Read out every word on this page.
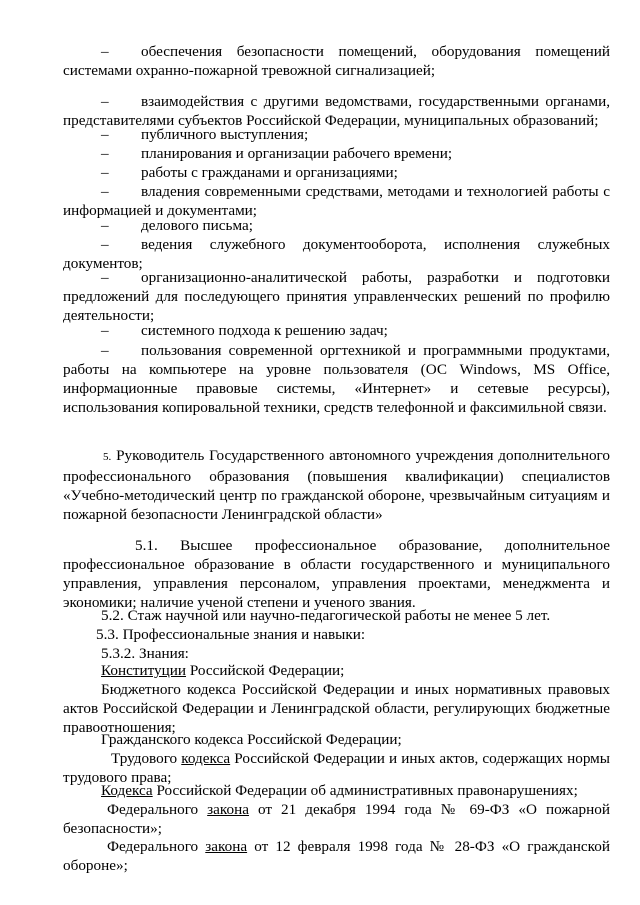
– обеспечения безопасности помещений, оборудования помещений системами охранно-пожарной тревожной сигнализацией;
– взаимодействия с другими ведомствами, государственными органами, представителями субъектов Российской Федерации, муниципальных образований;
– публичного выступления;
– планирования и организации рабочего времени;
– работы с гражданами и организациями;
– владения современными средствами, методами и технологией работы с информацией и документами;
– делового письма;
– ведения служебного документооборота, исполнения служебных документов;
– организационно-аналитической работы, разработки и подготовки предложений для последующего принятия управленческих решений по профилю деятельности;
– системного подхода к решению задач;
– пользования современной оргтехникой и программными продуктами, работы на компьютере на уровне пользователя (ОС Windows, MS Office, информационные правовые системы, «Интернет» и сетевые ресурсы), использования копировальной техники, средств телефонной и факсимильной связи.
5. Руководитель Государственного автономного учреждения дополнительного профессионального образования (повышения квалификации) специалистов «Учебно-методический центр по гражданской обороне, чрезвычайным ситуациям и пожарной безопасности Ленинградской области»
5.1. Высшее профессиональное образование, дополнительное профессиональное образование в области государственного и муниципального управления, управления персоналом, управления проектами, менеджмента и экономики; наличие ученой степени и ученого звания.
5.2. Стаж научной или научно-педагогической работы не менее 5 лет.
5.3. Профессиональные знания и навыки:
5.3.2. Знания:
Конституции Российской Федерации;
Бюджетного кодекса Российской Федерации и иных нормативных правовых актов Российской Федерации и Ленинградской области, регулирующих бюджетные правоотношения;
Гражданского кодекса Российской Федерации;
Трудового кодекса Российской Федерации и иных актов, содержащих нормы трудового права;
Кодекса Российской Федерации об административных правонарушениях;
Федерального закона от 21 декабря 1994 года № 69-ФЗ «О пожарной безопасности»;
Федерального закона от 12 февраля 1998 года № 28-ФЗ «О гражданской обороне»;
